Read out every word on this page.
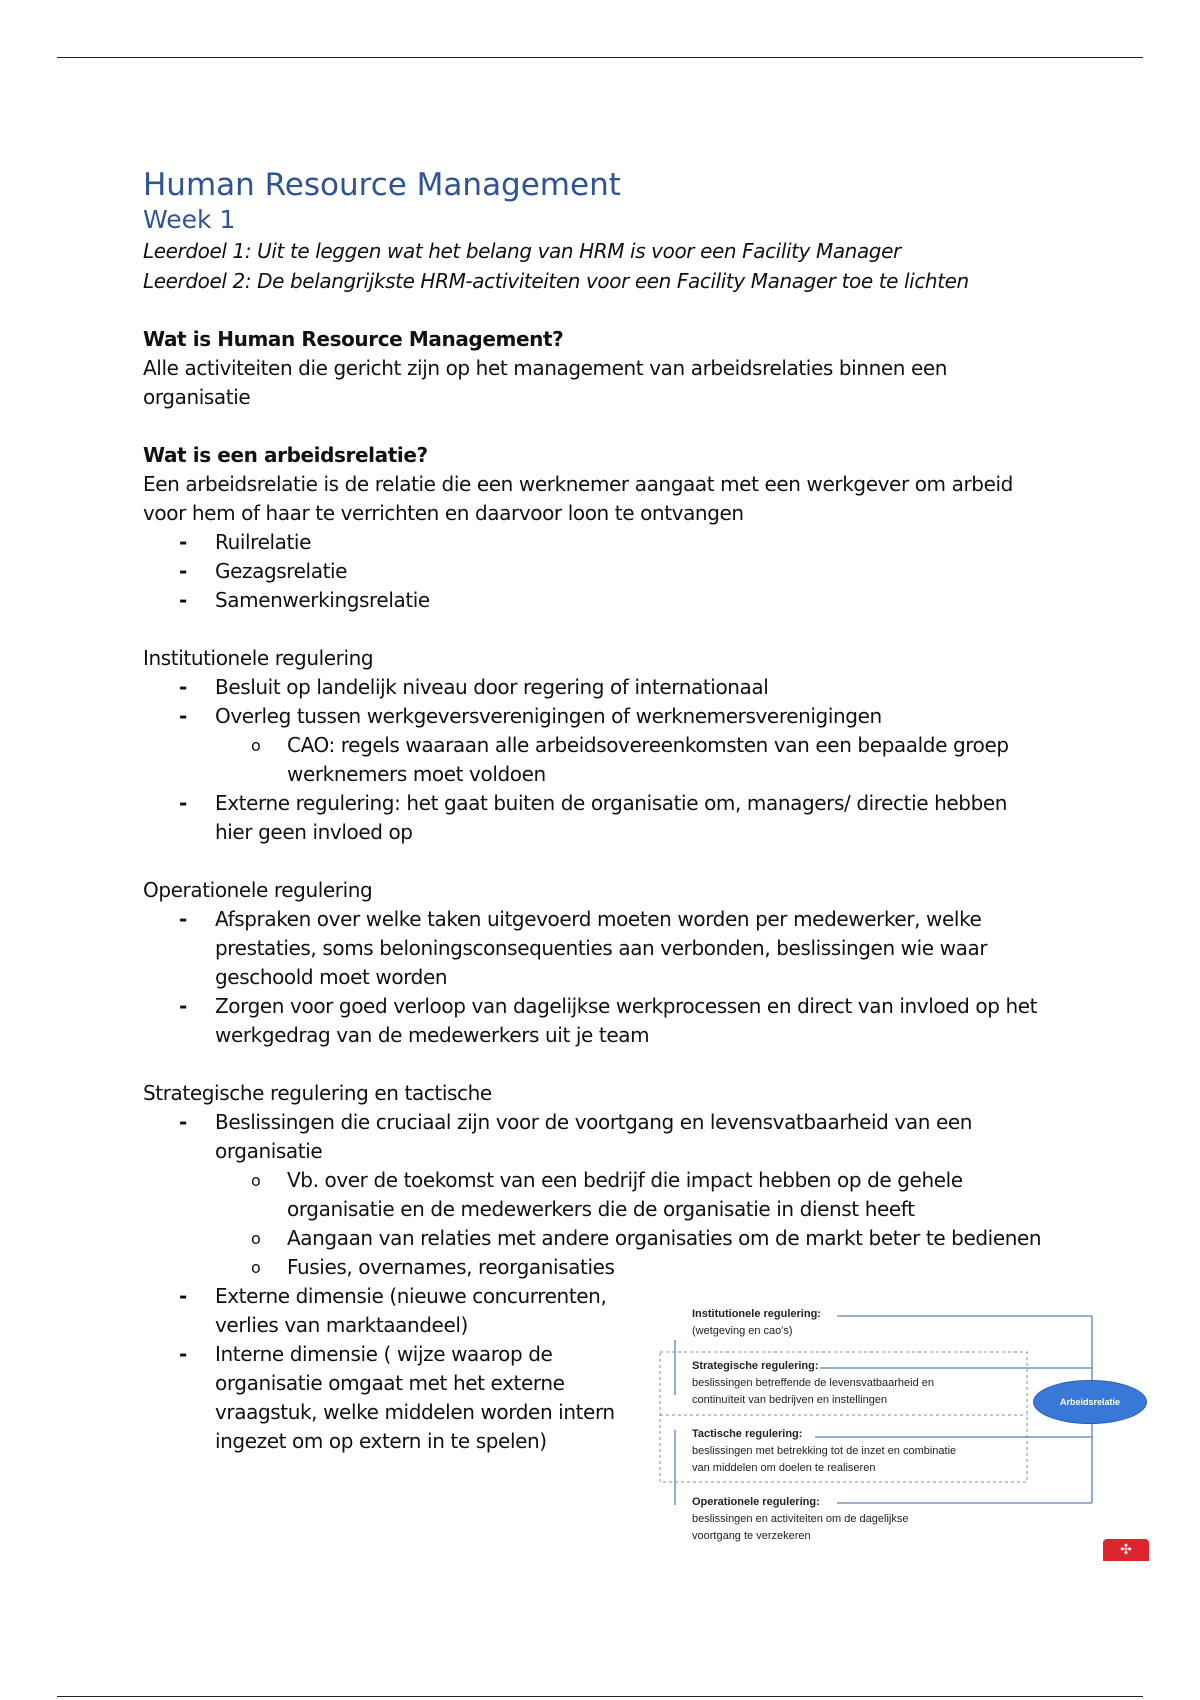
Human Resource Management
Week 1
Leerdoel 1: Uit te leggen wat het belang van HRM is voor een Facility Manager
Leerdoel 2: De belangrijkste HRM-activiteiten voor een Facility Manager toe te lichten

Wat is Human Resource Management?

Alle activiteiten die gericht zijn op het management van arbeidsrelaties binnen een

organisatie

Wat is een arbeidsrelatie?

Een arbeidsrelatie is de relatie die een werknemer aangaat met een werkgever om arbeid

voor hem of haar te verrichten en daarvoor loon te ontvangen

- Ruilrelatie
- Gezagsrelatie
- Samenwerkingsrelatie

Institutionele regulering

- Besluit op landelijk niveau door regering of internationaal
- Overleg tussen werkgeversverenigingen of werknemersverenigingen
o CAO: regels waaraan alle arbeidsovereenkomsten van een bepaalde groep
werknemers moet voldoen
- Externe regulering: het gaat buiten de organisatie om, managers/ directie hebben
hier geen invloed op

Operationele regulering

- Afspraken over welke taken uitgevoerd moeten worden per medewerker, welke
prestaties, soms beloningsconsequenties aan verbonden, beslissingen wie waar
geschoold moet worden
- Zorgen voor goed verloop van dagelijkse werkprocessen en direct van invloed op het
werkgedrag van de medewerkers uit je team

Strategische regulering en tactische

- Beslissingen die cruciaal zijn voor de voortgang en levensvatbaarheid van een
organisatie
o Vb. over de toekomst van een bedrijf die impact hebben op de gehele
organisatie en de medewerkers die de organisatie in dienst heeft
o Aangaan van relaties met andere organisaties om de markt beter te bedienen
o Fusies, overnames, reorganisaties
- Externe dimensie (nieuwe concurrenten,
verlies van marktaandeel)
- Interne dimensie ( wijze waarop de
organisatie omgaat met het externe
vraagstuk, welke middelen worden intern
ingezet om op extern in te spelen)
Institutionele regulering:
(wetgeving en cao's)
Strategische regulering:
beslissingen betreffende de levensvatbaarheid en
continuïteit van bedrijven en instellingen
Tactische regulering:
beslissingen met betrekking tot de inzet en combinatie
van middelen om doelen te realiseren
Operationele regulering:
beslissingen en activiteiten om de dagelijkse
voortgang te verzekeren
Arbeidsrelatie
✣
